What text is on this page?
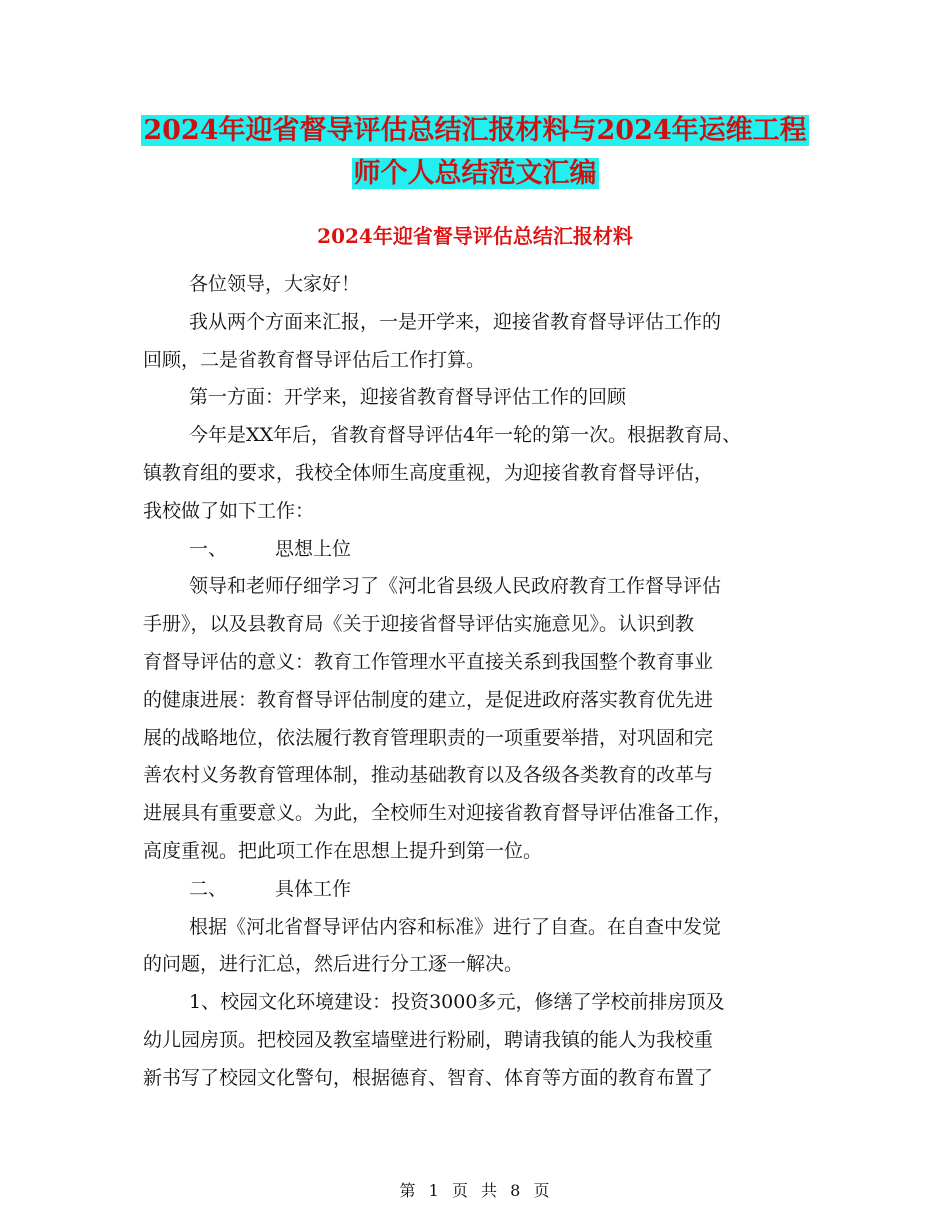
2024年迎省督导评估总结汇报材料与2024年运维工程
师个人总结范文汇编
2024年迎省督导评估总结汇报材料
各位领导，大家好！
我从两个方面来汇报，一是开学来，迎接省教育督导评估工作的
回顾，二是省教育督导评估后工作打算。
第一方面：开学来，迎接省教育督导评估工作的回顾
今年是XX年后，省教育督导评估4年一轮的第一次。根据教育局、
镇教育组的要求，我校全体师生高度重视，为迎接省教育督导评估，
我校做了如下工作：
一、	思想上位
领导和老师仔细学习了《河北省县级人民政府教育工作督导评估
手册》，以及县教育局《关于迎接省督导评估实施意见》。认识到教
育督导评估的意义：教育工作管理水平直接关系到我国整个教育事业
的健康进展：教育督导评估制度的建立，是促进政府落实教育优先进
展的战略地位，依法履行教育管理职责的一项重要举措，对巩固和完
善农村义务教育管理体制，推动基础教育以及各级各类教育的改革与
进展具有重要意义。为此，全校师生对迎接省教育督导评估准备工作，
高度重视。把此项工作在思想上提升到第一位。
二、	具体工作
根据《河北省督导评估内容和标准》进行了自查。在自查中发觉
的问题，进行汇总，然后进行分工逐一解决。
1、校园文化环境建设：投资3000多元，修缮了学校前排房顶及
幼儿园房顶。把校园及教室墙壁进行粉刷，聘请我镇的能人为我校重
新书写了校园文化警句，根据德育、智育、体育等方面的教育布置了
第 1 页 共 8 页
